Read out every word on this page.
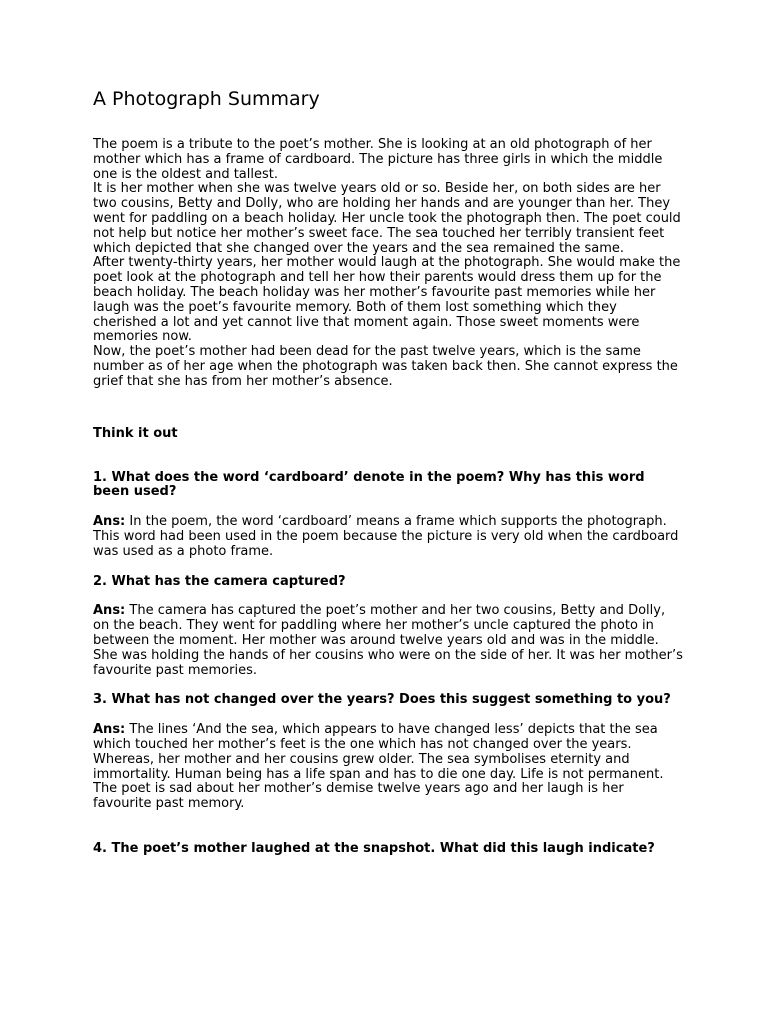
A Photograph Summary

The poem is a tribute to the poet’s mother. She is looking at an old photograph of her mother which has a frame of cardboard. The picture has three girls in which the middle one is the oldest and tallest.

It is her mother when she was twelve years old or so. Beside her, on both sides are her two cousins, Betty and Dolly, who are holding her hands and are younger than her. They went for paddling on a beach holiday. Her uncle took the photograph then. The poet could not help but notice her mother’s sweet face. The sea touched her terribly transient feet which depicted that she changed over the years and the sea remained the same.

After twenty-thirty years, her mother would laugh at the photograph. She would make the poet look at the photograph and tell her how their parents would dress them up for the beach holiday. The beach holiday was her mother’s favourite past memories while her laugh was the poet’s favourite memory. Both of them lost something which they cherished a lot and yet cannot live that moment again. Those sweet moments were memories now.

Now, the poet’s mother had been dead for the past twelve years, which is the same number as of her age when the photograph was taken back then. She cannot express the grief that she has from her mother’s absence.

Think it out

1. What does the word ‘cardboard’ denote in the poem? Why has this word been used?

Ans: In the poem, the word ‘cardboard’ means a frame which supports the photograph. This word had been used in the poem because the picture is very old when the cardboard was used as a photo frame.

2. What has the camera captured?

Ans: The camera has captured the poet’s mother and her two cousins, Betty and Dolly, on the beach. They went for paddling where her mother’s uncle captured the photo in between the moment. Her mother was around twelve years old and was in the middle. She was holding the hands of her cousins who were on the side of her. It was her mother’s favourite past memories.

3. What has not changed over the years? Does this suggest something to you?

Ans: The lines ‘And the sea, which appears to have changed less’ depicts that the sea which touched her mother’s feet is the one which has not changed over the years. Whereas, her mother and her cousins grew older. The sea symbolises eternity and immortality. Human being has a life span and has to die one day. Life is not permanent. The poet is sad about her mother’s demise twelve years ago and her laugh is her favourite past memory.

4. The poet’s mother laughed at the snapshot. What did this laugh indicate?
